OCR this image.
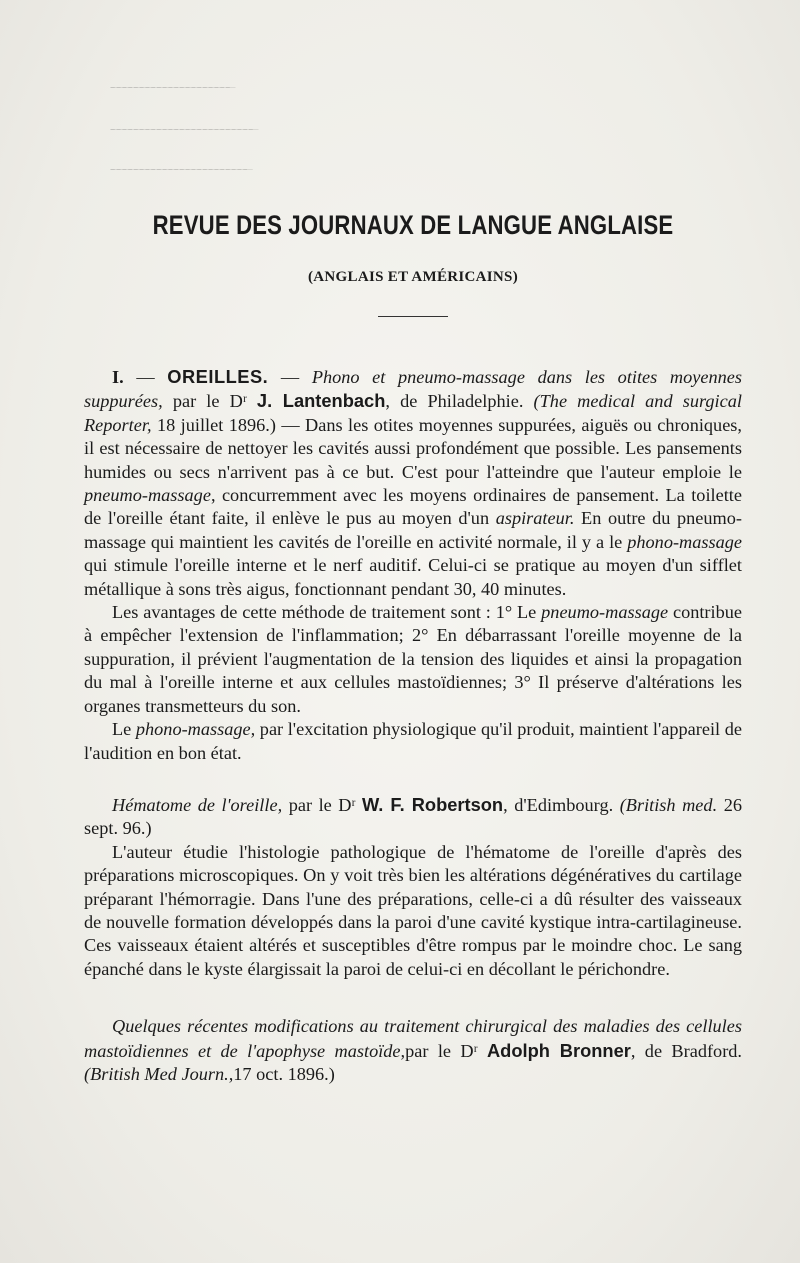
̶ ̶ ̶ ̶ ̶ ̶ ̶ ̶ ̶ ̶ ̶ ̶ ̶ ̶ ̶ ̶ ̶ ̶ ̶ ̶ ̶ ̶
̶ ̶ ̶ ̶ ̶ ̶ ̶ ̶ ̶ ̶ ̶ ̶ ̶ ̶ ̶ ̶ ̶ ̶ ̶ ̶ ̶ ̶ ̶ ̶ ̶ ̶
̶ ̶ ̶ ̶ ̶ ̶ ̶ ̶ ̶ ̶ ̶ ̶ ̶ ̶ ̶ ̶ ̶ ̶ ̶ ̶ ̶ ̶ ̶ ̶ ̶
REVUE DES JOURNAUX DE LANGUE ANGLAISE

(ANGLAIS ET AMÉRICAINS)

I. — OREILLES. — Phono et pneumo-massage dans les otites moyennes suppurées, par le Dʳ J. Lantenbach, de Philadelphie. (The medical and surgical Reporter, 18 juillet 1896.) — Dans les otites moyennes suppurées, aiguës ou chroniques, il est nécessaire de nettoyer les cavités aussi profondément que possible. Les pansements humides ou secs n'arrivent pas à ce but. C'est pour l'atteindre que l'auteur emploie le pneumo-massage, concurremment avec les moyens ordinaires de pansement. La toilette de l'oreille étant faite, il enlève le pus au moyen d'un aspirateur. En outre du pneumo-massage qui maintient les cavités de l'oreille en activité normale, il y a le phono-massage qui stimule l'oreille interne et le nerf auditif. Celui-ci se pratique au moyen d'un sifflet métallique à sons très aigus, fonctionnant pendant 30, 40 minutes.

Les avantages de cette méthode de traitement sont : 1° Le pneumo-massage contribue à empêcher l'extension de l'inflammation; 2° En débarrassant l'oreille moyenne de la suppuration, il prévient l'augmentation de la tension des liquides et ainsi la propagation du mal à l'oreille interne et aux cellules mastoïdiennes; 3° Il préserve d'altérations les organes transmetteurs du son.

Le phono-massage, par l'excitation physiologique qu'il produit, maintient l'appareil de l'audition en bon état.

Hématome de l'oreille, par le Dʳ W. F. Robertson, d'Edimbourg. (British med. 26 sept. 96.)

L'auteur étudie l'histologie pathologique de l'hématome de l'oreille d'après des préparations microscopiques. On y voit très bien les altérations dégénératives du cartilage préparant l'hémorragie. Dans l'une des préparations, celle-ci a dû résulter des vaisseaux de nouvelle formation développés dans la paroi d'une cavité kystique intra-cartilagineuse. Ces vaisseaux étaient altérés et susceptibles d'être rompus par le moindre choc. Le sang épanché dans le kyste élargissait la paroi de celui-ci en décollant le périchondre.

Quelques récentes modifications au traitement chirurgical des maladies des cellules mastoïdiennes et de l'apophyse mastoïde,par le Dʳ Adolph Bronner, de Bradford.(British Med Journ.,17 oct. 1896.)
